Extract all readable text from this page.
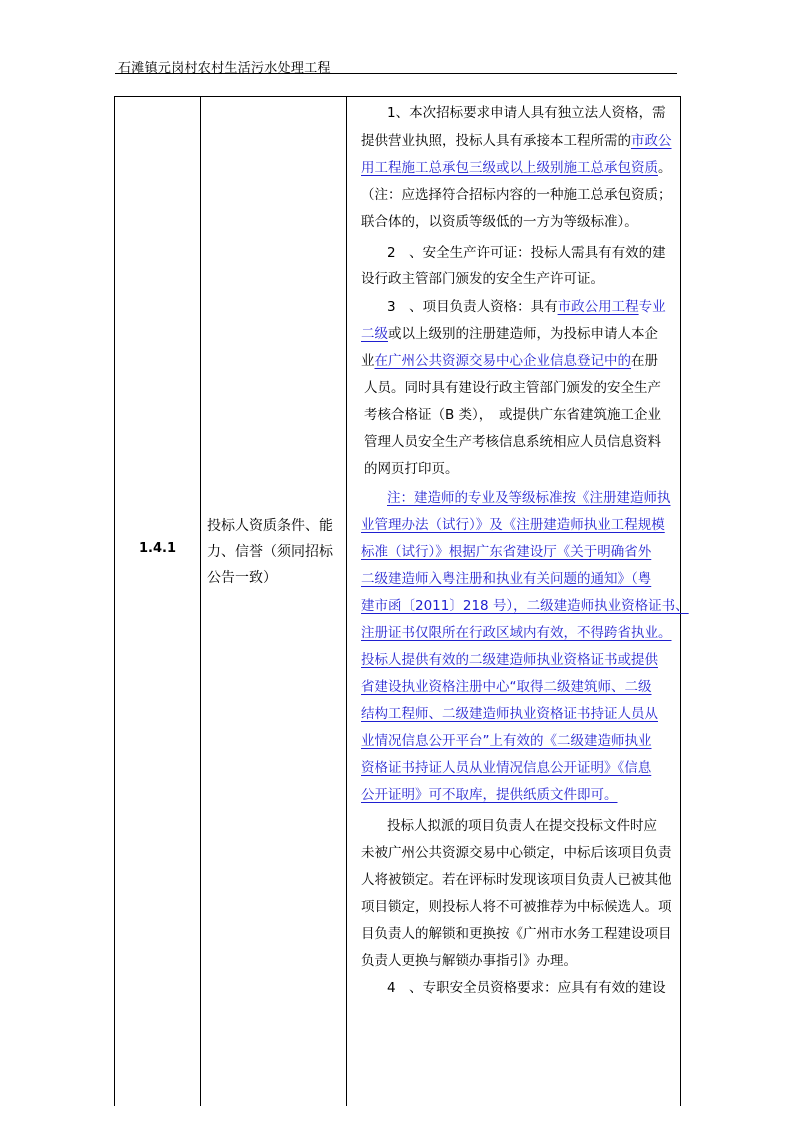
石滩镇元岗村农村生活污水处理工程
1.4.1
投标人资质条件、能力、信誉（须同招标公告一致）
1、本次招标要求申请人具有独立法人资格，需
提供营业执照，投标人具有承接本工程所需的市政公
用工程施工总承包三级或以上级别施工总承包资质。
（注：应选择符合招标内容的一种施工总承包资质；
联合体的，以资质等级低的一方为等级标准）。
2　、安全生产许可证：投标人需具有有效的建
设行政主管部门颁发的安全生产许可证。
3　、项目负责人资格：具有市政公用工程专业
二级或以上级别的注册建造师，为投标申请人本企
业在广州公共资源交易中心企业信息登记中的在册
人员。同时具有建设行政主管部门颁发的安全生产
考核合格证（B 类），　或提供广东省建筑施工企业
管理人员安全生产考核信息系统相应人员信息资料
的网页打印页。
注：建造师的专业及等级标准按《注册建造师执
业管理办法（试行）》及《注册建造师执业工程规模
标准（试行）》根据广东省建设厅《关于明确省外
二级建造师入粤注册和执业有关问题的通知》（粤
建市函〔2011〕218 号），二级建造师执业资格证书、
注册证书仅限所在行政区域内有效，不得跨省执业。
投标人提供有效的二级建造师执业资格证书或提供
省建设执业资格注册中心“取得二级建筑师、二级
结构工程师、二级建造师执业资格证书持证人员从
业情况信息公开平台”上有效的《二级建造师执业
资格证书持证人员从业情况信息公开证明》《信息
公开证明》可不取库，提供纸质文件即可。
投标人拟派的项目负责人在提交投标文件时应
未被广州公共资源交易中心锁定，中标后该项目负责
人将被锁定。若在评标时发现该项目负责人已被其他
项目锁定，则投标人将不可被推荐为中标候选人。项
目负责人的解锁和更换按《广州市水务工程建设项目
负责人更换与解锁办事指引》办理。
4　、专职安全员资格要求：应具有有效的建设
